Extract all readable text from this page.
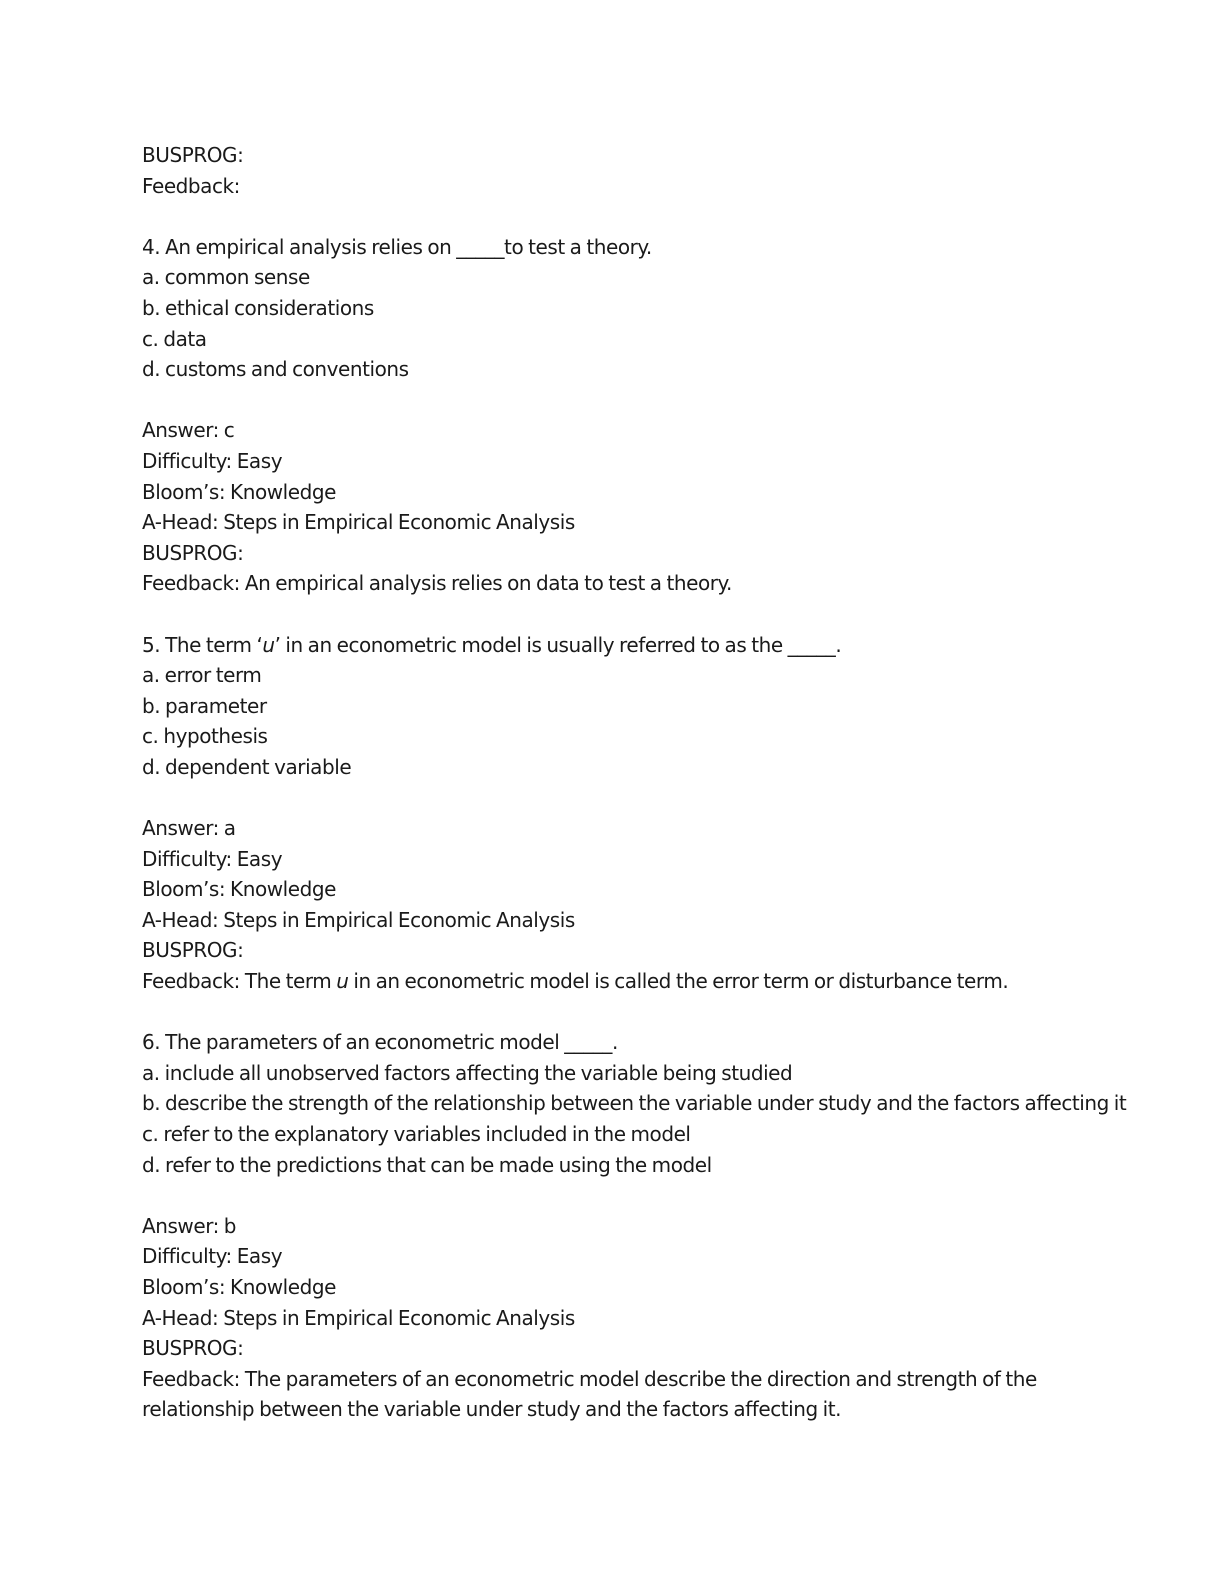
BUSPROG:

Feedback:

4. An empirical analysis relies on _____to test a theory.

a. common sense

b. ethical considerations

c. data

d. customs and conventions

Answer: c

Difficulty: Easy

Bloom’s: Knowledge

A-Head: Steps in Empirical Economic Analysis

BUSPROG:

Feedback: An empirical analysis relies on data to test a theory.

5. The term ‘u’ in an econometric model is usually referred to as the _____.

a. error term

b. parameter

c. hypothesis

d. dependent variable

Answer: a

Difficulty: Easy

Bloom’s: Knowledge

A-Head: Steps in Empirical Economic Analysis

BUSPROG:

Feedback: The term u in an econometric model is called the error term or disturbance term.

6. The parameters of an econometric model _____.

a. include all unobserved factors affecting the variable being studied

b. describe the strength of the relationship between the variable under study and the factors affecting it

c. refer to the explanatory variables included in the model

d. refer to the predictions that can be made using the model

Answer: b

Difficulty: Easy

Bloom’s: Knowledge

A-Head: Steps in Empirical Economic Analysis

BUSPROG:

Feedback: The parameters of an econometric model describe the direction and strength of the

relationship between the variable under study and the factors affecting it.
